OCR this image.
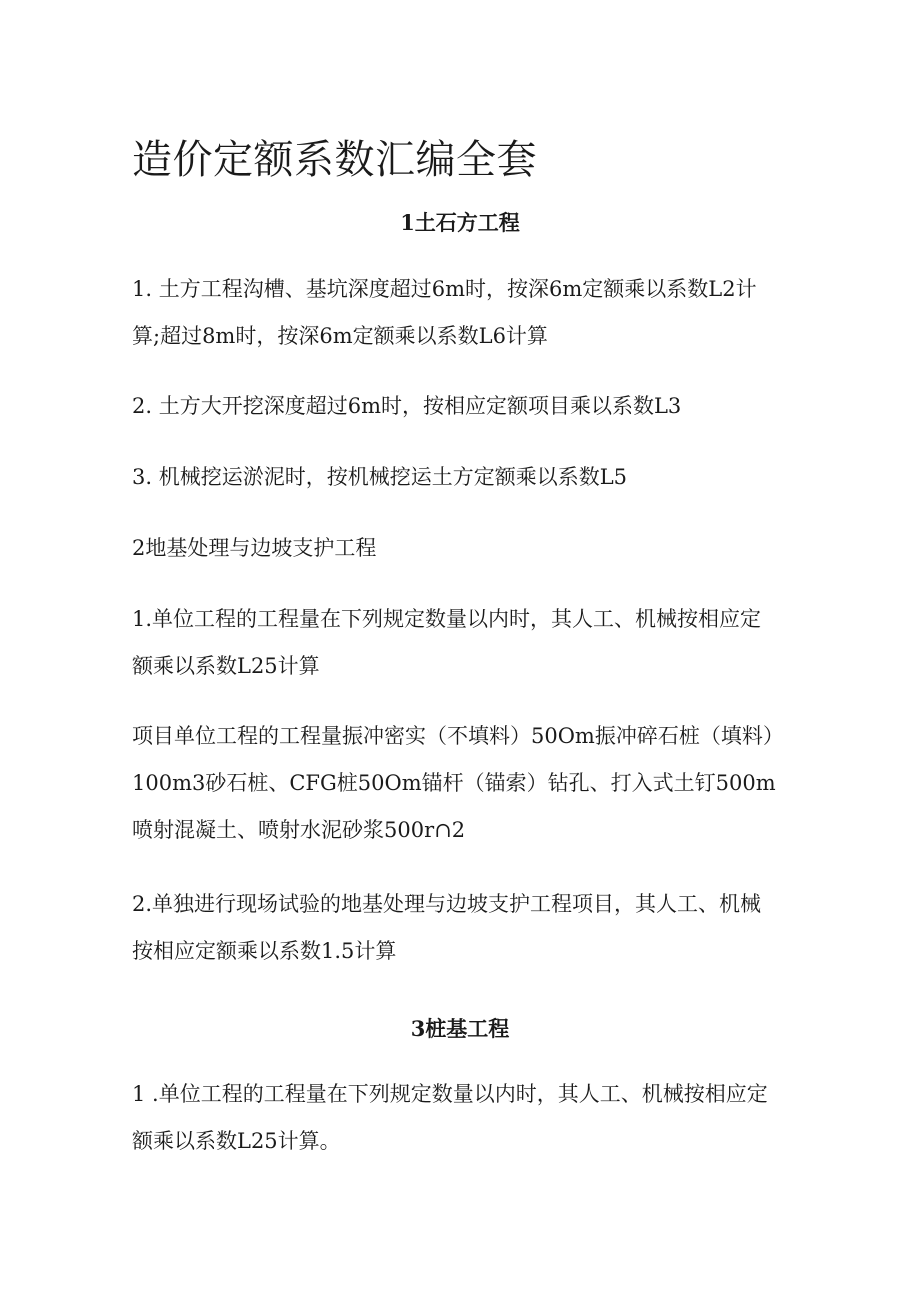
造价定额系数汇编全套
1土石方工程

1. 土方工程沟槽、基坑深度超过6m时，按深6m定额乘以系数L2计
算;超过8m时，按深6m定额乘以系数L6计算

2. 土方大开挖深度超过6m时，按相应定额项目乘以系数L3

3. 机械挖运淤泥时，按机械挖运土方定额乘以系数L5

2地基处理与边坡支护工程

1.单位工程的工程量在下列规定数量以内时，其人工、机械按相应定
额乘以系数L25计算

项目单位工程的工程量振冲密实（不填料）50Om振冲碎石桩（填料）
100m3砂石桩、CFG桩50Om锚杆（锚索）钻孔、打入式土钉500m
喷射混凝土、喷射水泥砂浆500r∩2

2.单独进行现场试验的地基处理与边坡支护工程项目，其人工、机械
按相应定额乘以系数1.5计算

3桩基工程

1 .单位工程的工程量在下列规定数量以内时，其人工、机械按相应定
额乘以系数L25计算。
